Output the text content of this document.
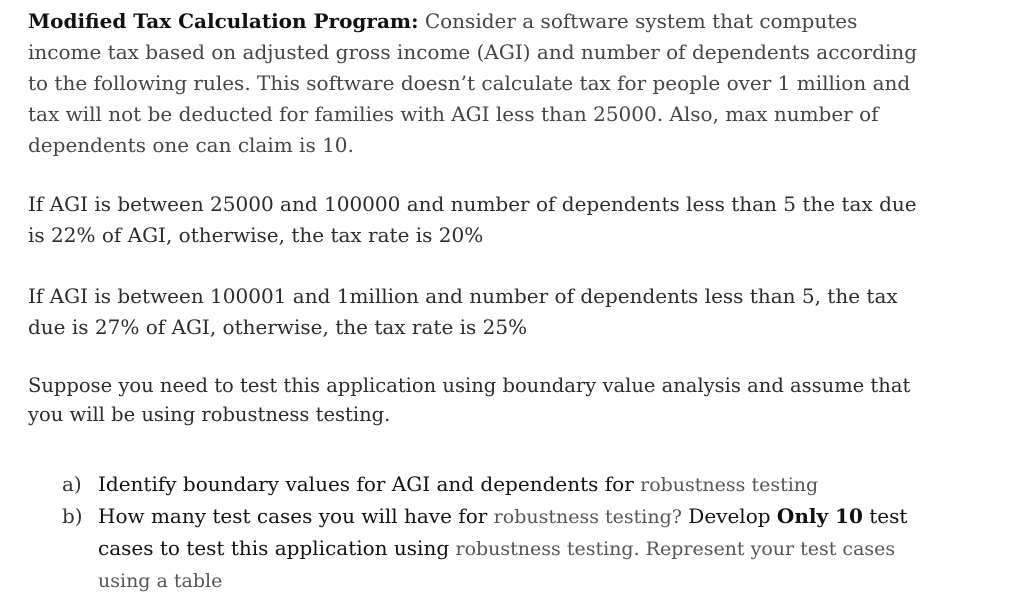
Modified Tax Calculation Program: Consider a software system that computes income tax based on adjusted gross income (AGI) and number of dependents according to the following rules. This software doesn’t calculate tax for people over 1 million and tax will not be deducted for families with AGI less than 25000. Also, max number of dependents one can claim is 10.

If AGI is between 25000 and 100000 and number of dependents less than 5 the tax due is 22% of AGI, otherwise, the tax rate is 20%

If AGI is between 100001 and 1million and number of dependents less than 5, the tax due is 27% of AGI, otherwise, the tax rate is 25%

Suppose you need to test this application using boundary value analysis and assume that you will be using robustness testing.

a) Identify boundary values for AGI and dependents for robustness testing
b) How many test cases you will have for robustness testing? Develop Only 10 test cases to test this application using robustness testing. Represent your test cases using a table
